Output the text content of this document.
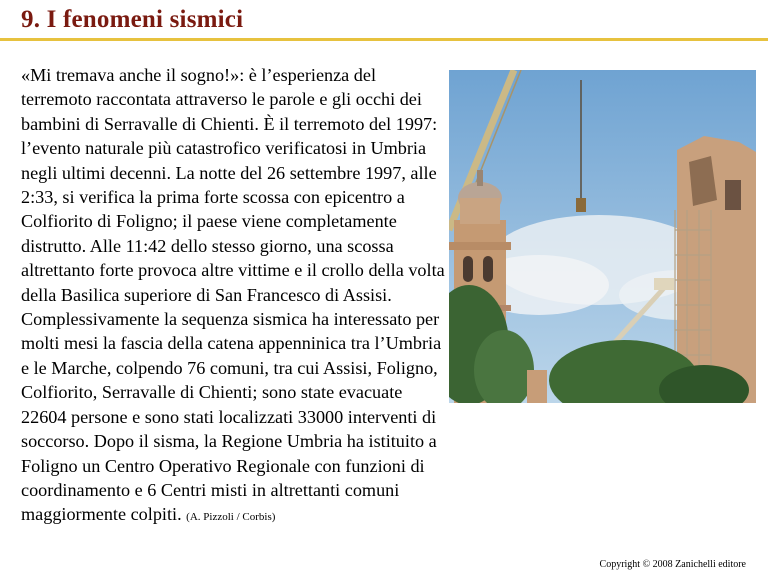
9. I fenomeni sismici

«Mi tremava anche il sogno!»: è l’esperienza del terremoto raccontata attraverso le parole e gli occhi dei bambini di Serravalle di Chienti. È il terremoto del 1997: l’evento naturale più catastrofico verificatosi in Umbria negli ultimi decenni. La notte del 26 settembre 1997, alle 2:33, si verifica la prima forte scossa con epicentro a Colfiorito di Foligno; il paese viene completamente distrutto. Alle 11:42 dello stesso giorno, una scossa altrettanto forte provoca altre vittime e il crollo della volta della Basilica superiore di San Francesco di Assisi. Complessivamente la sequenza sismica ha interessato per molti mesi la fascia della catena appenninica tra l’Umbria e le Marche, colpendo 76 comuni, tra cui Assisi, Foligno, Colfiorito, Serravalle di Chienti; sono state evacuate 22604 persone e sono stati localizzati 33000 interventi di soccorso. Dopo il sisma, la Regione Umbria ha istituito a Foligno un Centro Operativo Regionale con funzioni di coordinamento e 6 Centri misti in altrettanti comuni maggiormente colpiti. (A. Pizzoli / Corbis)

Copyright © 2008 Zanichelli editore
